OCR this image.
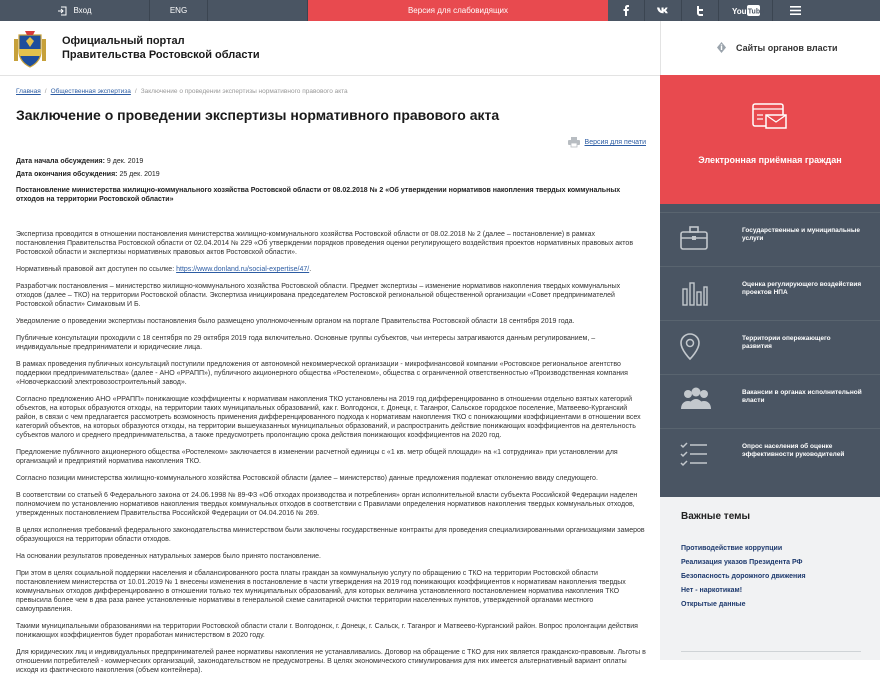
Вход	ENG	Версия для слабовидящих	You Tube
Официальный портал
Правительства Ростовской области
Сайты органов власти
Главная / Общественная экспертиза / Заключение о проведении экспертизы нормативного правового акта
Заключение о проведении экспертизы нормативного правового акта
Версия для печати
Дата начала обсуждения: 9 дек. 2019
Дата окончания обсуждения: 25 дек. 2019
Постановление министерства жилищно-коммунального хозяйства Ростовской области от 08.02.2018 № 2 «Об утверждении нормативов накопления твердых коммунальных отходов на территории Ростовской области»

Экспертиза проводится в отношении постановления министерства жилищно-коммунального хозяйства Ростовской области от 08.02.2018 № 2 (далее – постановление) в рамках постановления Правительства Ростовской области от 02.04.2014 № 229 «Об утверждении порядков проведения оценки регулирующего воздействия проектов нормативных правовых актов Ростовской области и экспертизы нормативных правовых актов Ростовской области».

Нормативный правовой акт доступен по ссылке: https://www.donland.ru/social-expertise/47/.

Разработчик постановления – министерство жилищно-коммунального хозяйства Ростовской области. Предмет экспертизы – изменение нормативов накопления твердых коммунальных отходов (далее – ТКО) на территории Ростовской области. Экспертиза инициирована председателем Ростовской региональной общественной организации «Совет предпринимателей Ростовской области» Симаковым И Б.

Уведомление о проведении экспертизы постановления было размещено уполномоченным органом на портале Правительства Ростовской области 18 сентября 2019 года.

Публичные консультации проходили с 18 сентября по 29 октября 2019 года включительно. Основные группы субъектов, чьи интересы затрагиваются данным регулированием, – индивидуальные предприниматели и юридические лица.

В рамках проведения публичных консультаций поступили предложения от автономной некоммерческой организации - микрофинансовой компании «Ростовское региональное агентство поддержки предпринимательства» (далее - АНО «РРАПП»), публичного акционерного общества «Ростелеком», общества с ограниченной ответственностью «Производственная компания «Новочеркасский электровозостроительный завод».

Согласно предложению АНО «РРАПП» понижающие коэффициенты к нормативам накопления ТКО установлены на 2019 год дифференцированно в отношении отдельно взятых категорий объектов, на которых образуются отходы, на территории таких муниципальных образований, как г. Волгодонск, г. Донецк, г. Таганрог, Сальское городское поселение, Матвеево-Курганский район, в связи с чем предлагается рассмотреть возможность применения дифференцированного подхода к нормативам накопления ТКО с понижающими коэффициентами в отношении всех категорий объектов, на которых образуются отходы, на территории вышеуказанных муниципальных образований, и распространить действие понижающих коэффициентов на деятельность субъектов малого и среднего предпринимательства, а также предусмотреть пролонгацию срока действия понижающих коэффициентов на 2020 год.

Предложение публичного акционерного общества «Ростелеком» заключается в изменении расчетной единицы с «1 кв. метр общей площади» на «1 сотрудника» при установлении для организаций и предприятий норматива накопления ТКО.

Согласно позиции министерства жилищно-коммунального хозяйства Ростовской области (далее – министерство) данные предложения подлежат отклонению ввиду следующего.

В соответствии со статьей 6 Федерального закона от 24.06.1998 № 89-ФЗ «Об отходах производства и потребления» орган исполнительной власти субъекта Российской Федерации наделен полномочием по установлению нормативов накопления твердых коммунальных отходов в соответствии с Правилами определения нормативов накопления твердых коммунальных отходов, утвержденных постановлением Правительства Российской Федерации от 04.04.2016 № 269.

В целях исполнения требований федерального законодательства министерством были заключены государственные контракты для проведения специализированными организациями замеров образующихся на территории области отходов.

На основании результатов проведенных натуральных замеров было принято постановление.

При этом в целях социальной поддержки населения и сбалансированного роста платы граждан за коммунальную услугу по обращению с ТКО на территории Ростовской области постановлением министерства от 10.01.2019 № 1 внесены изменения в постановление в части утверждения на 2019 год понижающих коэффициентов к нормативам накопления твердых коммунальных отходов дифференцированно в отношении только тех муниципальных образований, для которых величина установленного постановлением норматива накопления ТКО превысила более чем в два раза ранее установленные нормативы в генеральной схеме санитарной очистки территории населенных пунктов, утвержденной органами местного самоуправления.

Такими муниципальными образованиями на территории Ростовской области стали г. Волгодонск, г. Донецк, г. Сальск, г. Таганрог и Матвеево-Курганский район. Вопрос пролонгации действия понижающих коэффициентов будет проработан министерством в 2020 году.

Для юридических лиц и индивидуальных предпринимателей ранее нормативы накопления не устанавливались. Договор на обращение с ТКО для них является гражданско-правовым. Льготы в отношении потребителей - коммерческих организаций, законодательством не предусмотрены. В целях экономического стимулирования для них имеется альтернативный вариант оплаты исходя из фактического накопления (объем контейнера).

Электронная приёмная граждан
Государственные и муниципальные услуги
Оценка регулирующего воздействия проектов НПА
Территории опережающего развития
Вакансии в органах исполнительной власти
Опрос населения об оценке эффективности руководителей
Важные темы
Противодействие коррупции
Реализация указов Президента РФ
Безопасность дорожного движения
Нет - наркотикам!
Открытые данные
